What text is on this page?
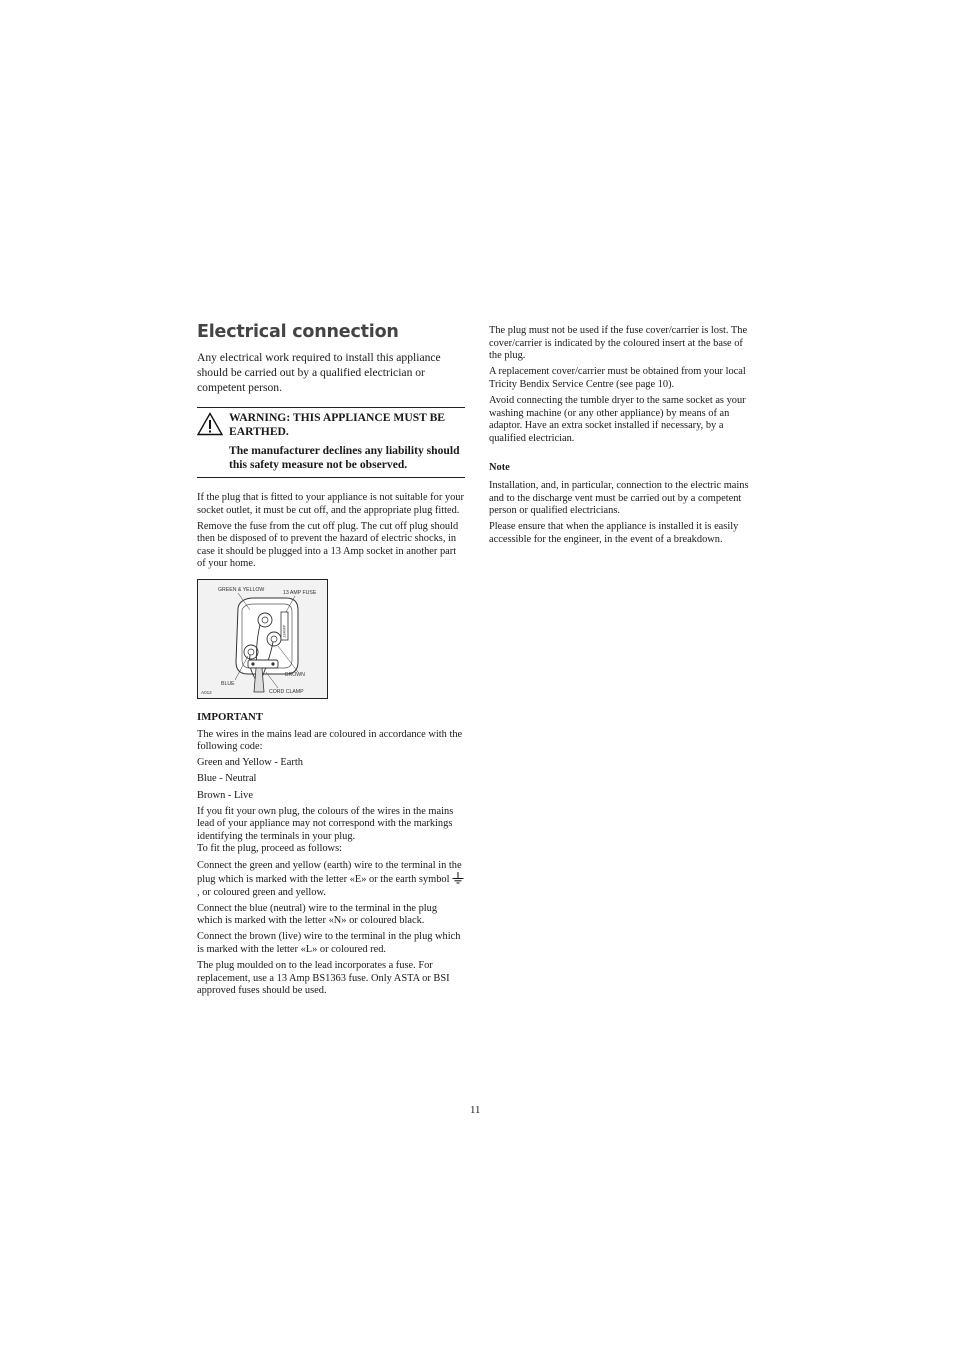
Electrical connection

Any electrical work required to install this appliance should be carried out by a qualified electrician or competent person.

WARNING: THIS APPLIANCE MUST BE EARTHED.

The manufacturer declines any liability should this safety measure not be observed.

If the plug that is fitted to your appliance is not suitable for your socket outlet, it must be cut off, and the appropriate plug fitted.

Remove the fuse from the cut off plug. The cut off plug should then be disposed of to prevent the hazard of electric shocks, in case it should be plugged into a 13 Amp socket in another part of your home.

13AMP
GREEN & YELLOW	13 AMP FUSE
BROWN
BLUE
CORD CLAMP
A012

IMPORTANT

The wires in the mains lead are coloured in accordance with the following code:

Green and Yellow - Earth

Blue - Neutral

Brown - Live

If you fit your own plug, the colours of the wires in the mains lead of your appliance may not correspond with the markings identifying the terminals in your plug.

To fit the plug, proceed as follows:

Connect the green and yellow (earth) wire to the terminal in the plug which is marked with the letter «E» or the earth symbol , or coloured green and yellow.

Connect the blue (neutral) wire to the terminal in the plug which is marked with the letter «N» or coloured black.

Connect the brown (live) wire to the terminal in the plug which is marked with the letter «L» or coloured red.

The plug moulded on to the lead incorporates a fuse. For replacement, use a 13 Amp BS1363 fuse. Only ASTA or BSI approved fuses should be used.

The plug must not be used if the fuse cover/carrier is lost. The cover/carrier is indicated by the coloured insert at the base of the plug.

A replacement cover/carrier must be obtained from your local Tricity Bendix Service Centre (see page 10).

Avoid connecting the tumble dryer to the same socket as your washing machine (or any other appliance) by means of an adaptor. Have an extra socket installed if necessary, by a qualified electrician.

Note

Installation, and, in particular, connection to the electric mains and to the discharge vent must be carried out by a competent person or qualified electricians.

Please ensure that when the appliance is installed it is easily accessible for the engineer, in the event of a breakdown.

11
